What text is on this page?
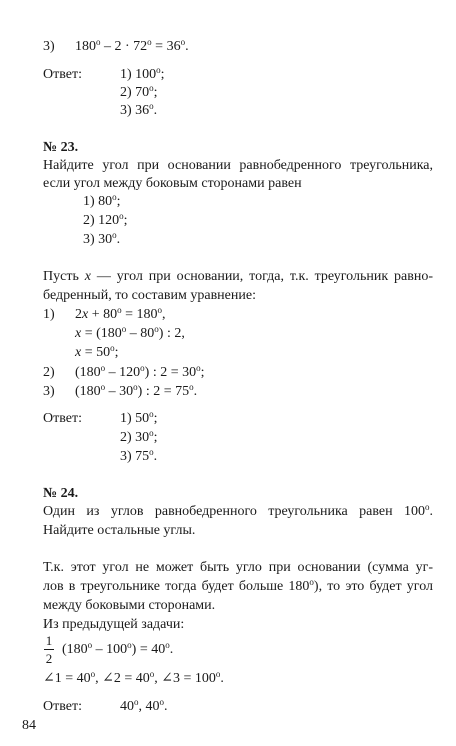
3) $180^o - 2 \cdot 72^o = 36^o$.
Ответ:	1) 100$^o$;
2) 70$^o$;
3) 36$^o$.
№ 23.
Найдите угол при основании равнобедренного треугольника,
если угол между боковым сторонами равен
1) 80$^o$;
2) 120$^o$;
3) 30$^o$.
Пусть x — угол при основании, тогда, т.к. треугольник равно-
бедренный, то составим уравнение:
1) $2x + 80^o = 180^o$,
$x = (180^o - 80^o)$ : 2,
$x = 50^o$;
2) (180$^o$ – 120$^o$) : $2 = 30^o$;
3) (180$^o$ – 30$^o$) : $2 = 75^o$.
Ответ:	1) 50$^o$;
2) 30$^o$;
3) 75$^o$.
№ 24.
Один из углов равнобедренного треугольника равен 100$^o$.
Найдите остальные углы.
Т.к. этот угол не может быть угло при основании (сумма уг-
лов в треугольнике тогда будет больше 180$^o$), то это будет угол
между боковыми сторонами.
Из предыдущей задачи:
1
2
$(180^o - 100^o) = 40^o$.
∠1 = $40^o$, ∠2 = $40^o$, ∠3 = $100^o$.
Ответ:	40$^o$, 40$^o$.
84
